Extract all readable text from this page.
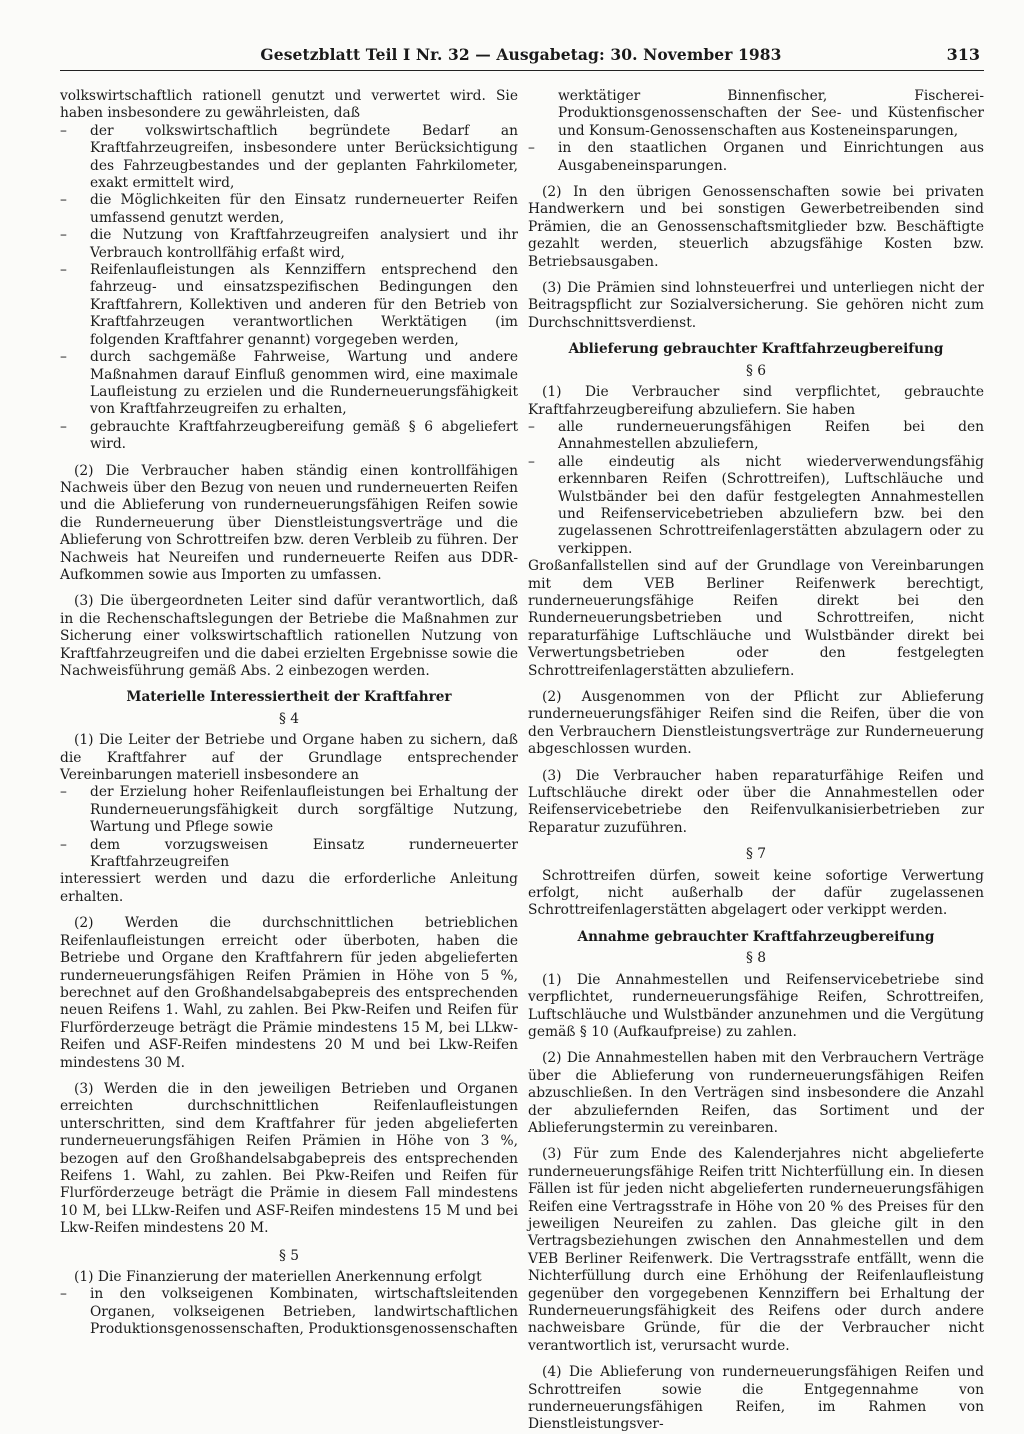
Gesetzblatt Teil I Nr. 32 — Ausgabetag: 30. November 1983	313

volkswirtschaftlich rationell genutzt und verwertet wird. Sie haben insbesondere zu gewährleisten, daß

– der volkswirtschaftlich begründete Bedarf an Kraftfahrzeugreifen, insbesondere unter Berücksichtigung des Fahrzeugbestandes und der geplanten Fahrkilometer, exakt ermittelt wird,
– die Möglichkeiten für den Einsatz runderneuerter Reifen umfassend genutzt werden,
– die Nutzung von Kraftfahrzeugreifen analysiert und ihr Verbrauch kontrollfähig erfaßt wird,
– Reifenlaufleistungen als Kennziffern entsprechend den fahrzeug- und einsatzspezifischen Bedingungen den Kraftfahrern, Kollektiven und anderen für den Betrieb von Kraftfahrzeugen verantwortlichen Werktätigen (im folgenden Kraftfahrer genannt) vorgegeben werden,
– durch sachgemäße Fahrweise, Wartung und andere Maßnahmen darauf Einfluß genommen wird, eine maximale Laufleistung zu erzielen und die Runderneuerungsfähigkeit von Kraftfahrzeugreifen zu erhalten,
– gebrauchte Kraftfahrzeugbereifung gemäß § 6 abgeliefert wird.

(2) Die Verbraucher haben ständig einen kontrollfähigen Nachweis über den Bezug von neuen und runderneuerten Reifen und die Ablieferung von runderneuerungsfähigen Reifen sowie die Runderneuerung über Dienstleistungsverträge und die Ablieferung von Schrottreifen bzw. deren Verbleib zu führen. Der Nachweis hat Neureifen und runderneuerte Reifen aus DDR-Aufkommen sowie aus Importen zu umfassen.

(3) Die übergeordneten Leiter sind dafür verantwortlich, daß in die Rechenschaftslegungen der Betriebe die Maßnahmen zur Sicherung einer volkswirtschaftlich rationellen Nutzung von Kraftfahrzeugreifen und die dabei erzielten Ergebnisse sowie die Nachweisführung gemäß Abs. 2 einbezogen werden.

Materielle Interessiertheit der Kraftfahrer
§ 4

(1) Die Leiter der Betriebe und Organe haben zu sichern, daß die Kraftfahrer auf der Grundlage entsprechender Vereinbarungen materiell insbesondere an

– der Erzielung hoher Reifenlaufleistungen bei Erhaltung der Runderneuerungsfähigkeit durch sorgfältige Nutzung, Wartung und Pflege sowie
– dem vorzugsweisen Einsatz runderneuerter Kraftfahrzeugreifen

interessiert werden und dazu die erforderliche Anleitung erhalten.

(2) Werden die durchschnittlichen betrieblichen Reifenlaufleistungen erreicht oder überboten, haben die Betriebe und Organe den Kraftfahrern für jeden abgelieferten runderneuerungsfähigen Reifen Prämien in Höhe von 5 %, berechnet auf den Großhandelsabgabepreis des entsprechenden neuen Reifens 1. Wahl, zu zahlen. Bei Pkw-Reifen und Reifen für Flurförderzeuge beträgt die Prämie mindestens 15 M, bei LLkw-Reifen und ASF-Reifen mindestens 20 M und bei Lkw-Reifen mindestens 30 M.

(3) Werden die in den jeweiligen Betrieben und Organen erreichten durchschnittlichen Reifenlaufleistungen unterschritten, sind dem Kraftfahrer für jeden abgelieferten runderneuerungsfähigen Reifen Prämien in Höhe von 3 %, bezogen auf den Großhandelsabgabepreis des entsprechenden Reifens 1. Wahl, zu zahlen. Bei Pkw-Reifen und Reifen für Flurförderzeuge beträgt die Prämie in diesem Fall mindestens 10 M, bei LLkw-Reifen und ASF-Reifen mindestens 15 M und bei Lkw-Reifen mindestens 20 M.

§ 5

(1) Die Finanzierung der materiellen Anerkennung erfolgt

– in den volkseigenen Kombinaten, wirtschaftsleitenden Organen, volkseigenen Betrieben, landwirtschaftlichen Produktionsgenossenschaften, Produktionsgenossenschaften

werktätiger Binnenfischer, Fischerei-Produktionsgenossenschaften der See- und Küstenfischer und Konsum-Genossenschaften aus Kosteneinsparungen,

– in den staatlichen Organen und Einrichtungen aus Ausgabeneinsparungen.

(2) In den übrigen Genossenschaften sowie bei privaten Handwerkern und bei sonstigen Gewerbetreibenden sind Prämien, die an Genossenschaftsmitglieder bzw. Beschäftigte gezahlt werden, steuerlich abzugsfähige Kosten bzw. Betriebsausgaben.

(3) Die Prämien sind lohnsteuerfrei und unterliegen nicht der Beitragspflicht zur Sozialversicherung. Sie gehören nicht zum Durchschnittsverdienst.

Ablieferung gebrauchter Kraftfahrzeugbereifung
§ 6

(1) Die Verbraucher sind verpflichtet, gebrauchte Kraftfahrzeugbereifung abzuliefern. Sie haben

– alle runderneuerungsfähigen Reifen bei den Annahmestellen abzuliefern,
– alle eindeutig als nicht wiederverwendungsfähig erkennbaren Reifen (Schrottreifen), Luftschläuche und Wulstbänder bei den dafür festgelegten Annahmestellen und Reifenservicebetrieben abzuliefern bzw. bei den zugelassenen Schrottreifenlagerstätten abzulagern oder zu verkippen.

Großanfallstellen sind auf der Grundlage von Vereinbarungen mit dem VEB Berliner Reifenwerk berechtigt, runderneuerungsfähige Reifen direkt bei den Runderneuerungsbetrieben und Schrottreifen, nicht reparaturfähige Luftschläuche und Wulstbänder direkt bei Verwertungsbetrieben oder den festgelegten Schrottreifenlagerstätten abzuliefern.

(2) Ausgenommen von der Pflicht zur Ablieferung runderneuerungsfähiger Reifen sind die Reifen, über die von den Verbrauchern Dienstleistungsverträge zur Runderneuerung abgeschlossen wurden.

(3) Die Verbraucher haben reparaturfähige Reifen und Luftschläuche direkt oder über die Annahmestellen oder Reifenservicebetriebe den Reifenvulkanisierbetrieben zur Reparatur zuzuführen.

§ 7

Schrottreifen dürfen, soweit keine sofortige Verwertung erfolgt, nicht außerhalb der dafür zugelassenen Schrottreifenlagerstätten abgelagert oder verkippt werden.

Annahme gebrauchter Kraftfahrzeugbereifung
§ 8

(1) Die Annahmestellen und Reifenservicebetriebe sind verpflichtet, runderneuerungsfähige Reifen, Schrottreifen, Luftschläuche und Wulstbänder anzunehmen und die Vergütung gemäß § 10 (Aufkaufpreise) zu zahlen.

(2) Die Annahmestellen haben mit den Verbrauchern Verträge über die Ablieferung von runderneuerungsfähigen Reifen abzuschließen. In den Verträgen sind insbesondere die Anzahl der abzuliefernden Reifen, das Sortiment und der Ablieferungstermin zu vereinbaren.

(3) Für zum Ende des Kalenderjahres nicht abgelieferte runderneuerungsfähige Reifen tritt Nichterfüllung ein. In diesen Fällen ist für jeden nicht abgelieferten runderneuerungsfähigen Reifen eine Vertragsstrafe in Höhe von 20 % des Preises für den jeweiligen Neureifen zu zahlen. Das gleiche gilt in den Vertragsbeziehungen zwischen den Annahmestellen und dem VEB Berliner Reifenwerk. Die Vertragsstrafe entfällt, wenn die Nichterfüllung durch eine Erhöhung der Reifenlaufleistung gegenüber den vorgegebenen Kennziffern bei Erhaltung der Runderneuerungsfähigkeit des Reifens oder durch andere nachweisbare Gründe, für die der Verbraucher nicht verantwortlich ist, verursacht wurde.

(4) Die Ablieferung von runderneuerungsfähigen Reifen und Schrottreifen sowie die Entgegennahme von runderneuerungsfähigen Reifen, im Rahmen von Dienstleistungsver-
